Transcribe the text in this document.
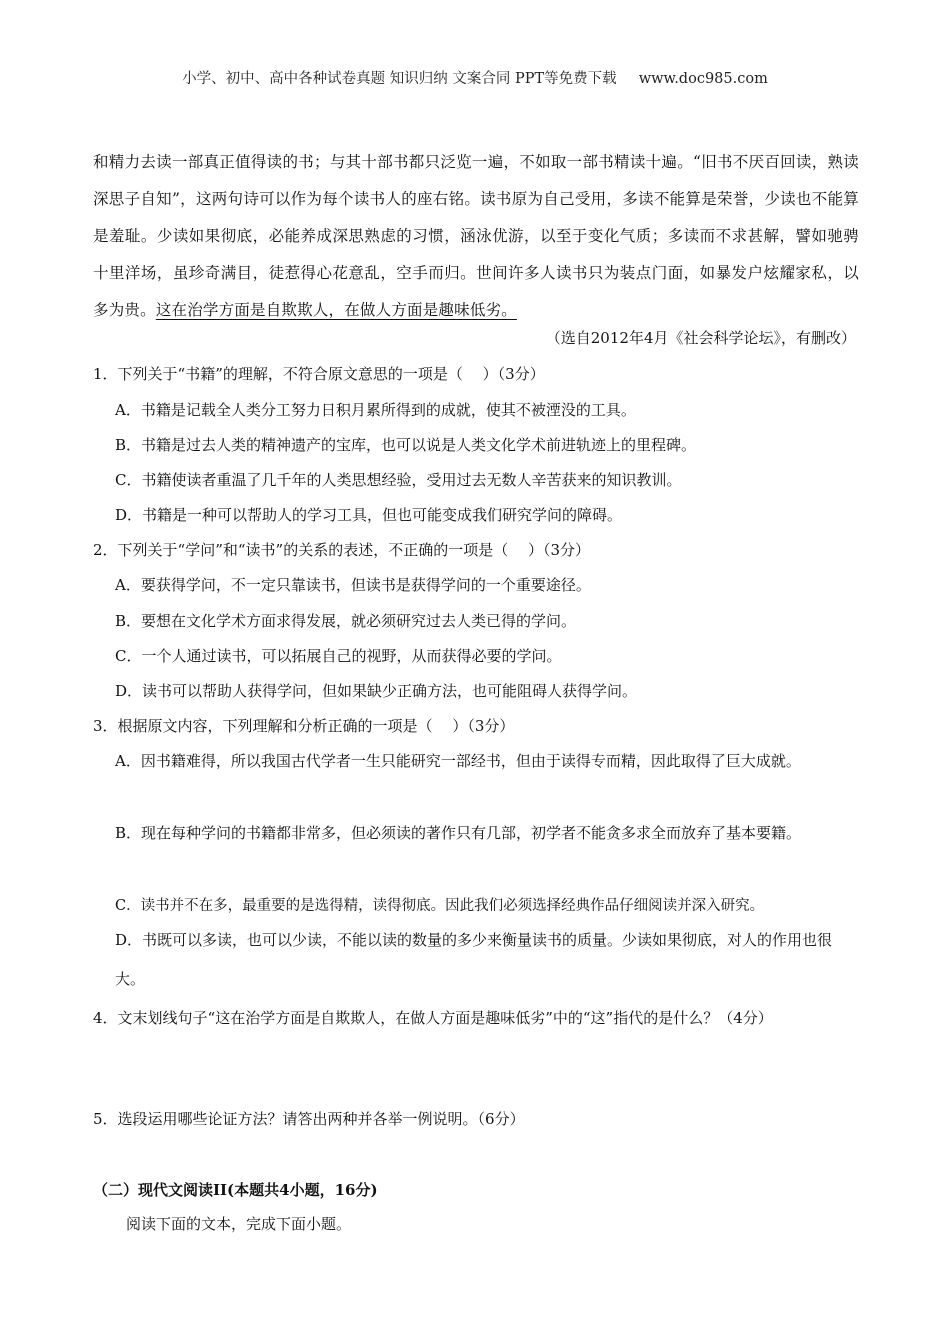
小学、初中、高中各种试卷真题 知识归纳 文案合同 PPT等免费下载 www.doc985.com
和精力去读一部真正值得读的书；与其十部书都只泛览一遍，不如取一部书精读十遍。“旧书不厌百回读，熟读深思子自知”，这两句诗可以作为每个读书人的座右铭。读书原为自己受用，多读不能算是荣誉，少读也不能算是羞耻。少读如果彻底，必能养成深思熟虑的习惯，涵泳优游，以至于变化气质；多读而不求甚解，譬如驰骋十里洋场，虽珍奇满目，徒惹得心花意乱，空手而归。世间许多人读书只为装点门面，如暴发户炫耀家私，以多为贵。这在治学方面是自欺欺人，在做人方面是趣味低劣。
（选自2012年4月《社会科学论坛》，有删改）
1．下列关于“书籍”的理解，不符合原文意思的一项是（　 ）（3分）
A．书籍是记载全人类分工努力日积月累所得到的成就，使其不被湮没的工具。
B．书籍是过去人类的精神遗产的宝库，也可以说是人类文化学术前进轨迹上的里程碑。
C．书籍使读者重温了几千年的人类思想经验，受用过去无数人辛苦获来的知识教训。
D．书籍是一种可以帮助人的学习工具，但也可能变成我们研究学问的障碍。
2．下列关于“学问”和“读书”的关系的表述，不正确的一项是（　 ）（3分）
A．要获得学问，不一定只靠读书，但读书是获得学问的一个重要途径。
B．要想在文化学术方面求得发展，就必须研究过去人类已得的学问。
C．一个人通过读书，可以拓展自己的视野，从而获得必要的学问。
D．读书可以帮助人获得学问，但如果缺少正确方法，也可能阻碍人获得学问。
3．根据原文内容，下列理解和分析正确的一项是（　 ）（3分）
A．因书籍难得，所以我国古代学者一生只能研究一部经书，但由于读得专而精，因此取得了巨大成就。
B．现在每种学问的书籍都非常多，但必须读的著作只有几部，初学者不能贪多求全而放弃了基本要籍。
C．读书并不在多，最重要的是选得精，读得彻底。因此我们必须选择经典作品仔细阅读并深入研究。
D．书既可以多读，也可以少读，不能以读的数量的多少来衡量读书的质量。少读如果彻底，对人的作用也很大。
4．文末划线句子“这在治学方面是自欺欺人，在做人方面是趣味低劣”中的“这”指代的是什么？（4分）
5．选段运用哪些论证方法？请答出两种并各举一例说明。（6分）
（二）现代文阅读II(本题共4小题，16分)
阅读下面的文本，完成下面小题。
